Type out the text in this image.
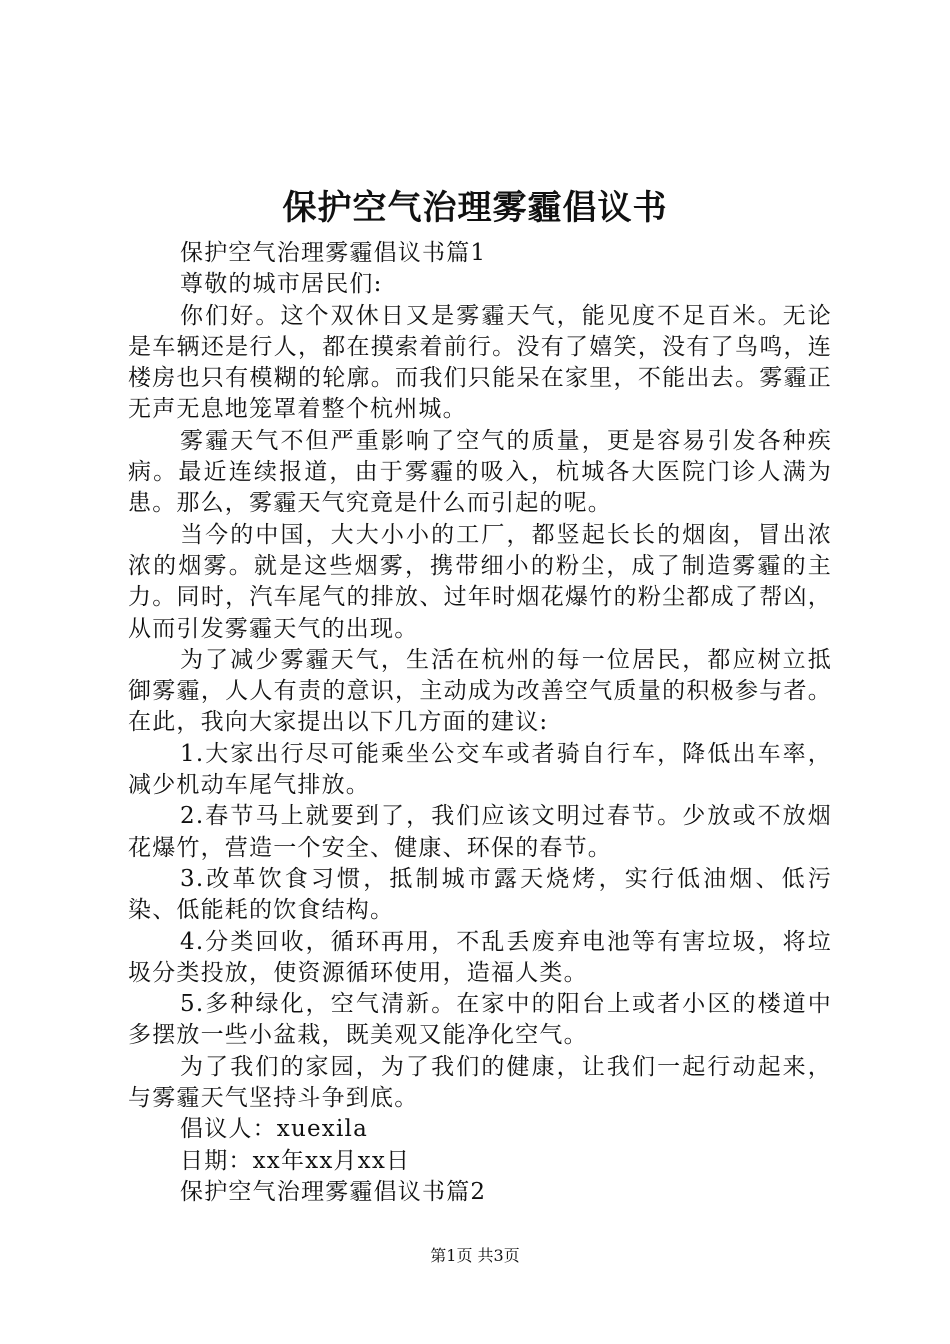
保护空气治理雾霾倡议书

保护空气治理雾霾倡议书篇1

尊敬的城市居民们:

你们好。这个双休日又是雾霾天气，能见度不足百米。无论是车辆还是行人，都在摸索着前行。没有了嬉笑，没有了鸟鸣，连楼房也只有模糊的轮廓。而我们只能呆在家里，不能出去。雾霾正无声无息地笼罩着整个杭州城。

雾霾天气不但严重影响了空气的质量，更是容易引发各种疾病。最近连续报道，由于雾霾的吸入，杭城各大医院门诊人满为患。那么，雾霾天气究竟是什么而引起的呢。

当今的中国，大大小小的工厂，都竖起长长的烟囱，冒出浓浓的烟雾。就是这些烟雾，携带细小的粉尘，成了制造雾霾的主力。同时，汽车尾气的排放、过年时烟花爆竹的粉尘都成了帮凶，从而引发雾霾天气的出现。

为了减少雾霾天气，生活在杭州的每一位居民，都应树立抵御雾霾，人人有责的意识，主动成为改善空气质量的积极参与者。在此，我向大家提出以下几方面的建议:

1.大家出行尽可能乘坐公交车或者骑自行车，降低出车率，减少机动车尾气排放。

2.春节马上就要到了，我们应该文明过春节。少放或不放烟花爆竹，营造一个安全、健康、环保的春节。

3.改革饮食习惯，抵制城市露天烧烤，实行低油烟、低污染、低能耗的饮食结构。

4.分类回收，循环再用，不乱丢废弃电池等有害垃圾，将垃圾分类投放，使资源循环使用，造福人类。

5.多种绿化，空气清新。在家中的阳台上或者小区的楼道中多摆放一些小盆栽，既美观又能净化空气。

为了我们的家园，为了我们的健康，让我们一起行动起来，与雾霾天气坚持斗争到底。

倡议人：xuexila

日期：xx年xx月xx日

保护空气治理雾霾倡议书篇2

第1页 共3页
